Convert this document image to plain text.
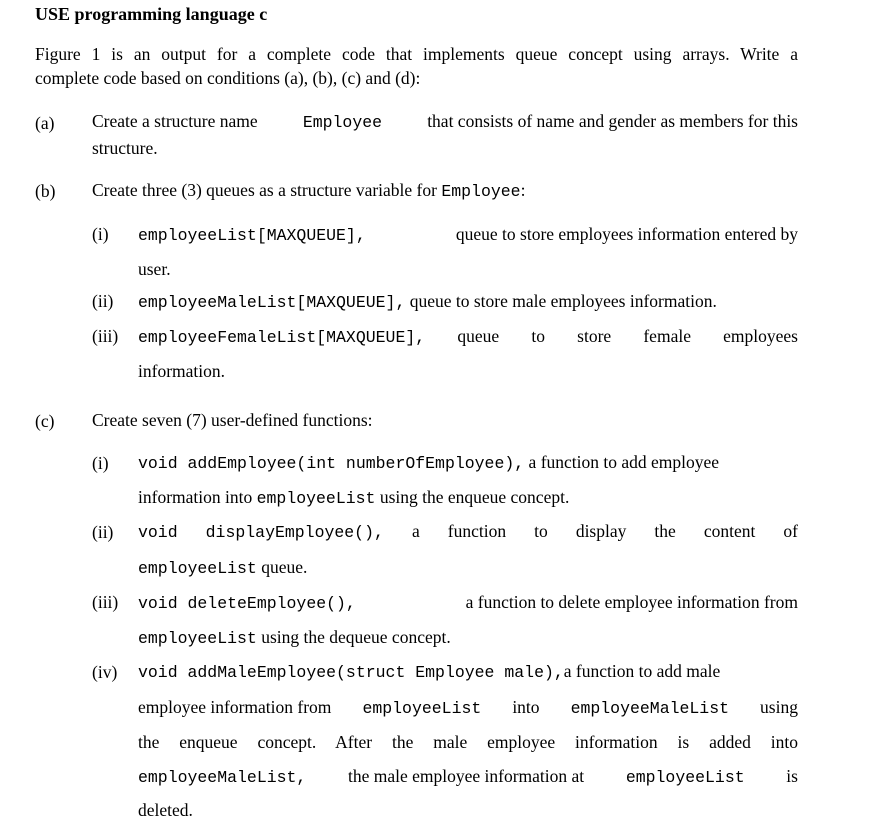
USE programming language c
Figure 1 is an output for a complete code that implements queue concept using arrays. Write a
complete code based on conditions (a), (b), (c) and (d):
(a) Create a structure name	Employee	that consists of name and gender as members for this
structure.
(b) Create three (3) queues as a structure variable for Employee:
(i) employeeList[MAXQUEUE],	queue to store employees information entered by
user.
(ii) employeeMaleList[MAXQUEUE], queue to store male employees information.
(iii) employeeFemaleList[MAXQUEUE], queue to store female employees
information.
(c) Create seven (7) user-defined functions:
(i) void addEmployee(int numberOfEmployee), a function to add employee
information into employeeList using the enqueue concept.
(ii) void displayEmployee(), a function to display the content of
employeeList queue.
(iii) void deleteEmployee(),	a function to delete employee information from
employeeList using the dequeue concept.
(iv) void addMaleEmployee(struct Employee male),a function to add male
employee information from employeeList into employeeMaleList using
the enqueue concept. After the male employee information is added into
employeeMaleList, the male employee information at	employeeList is
deleted.
